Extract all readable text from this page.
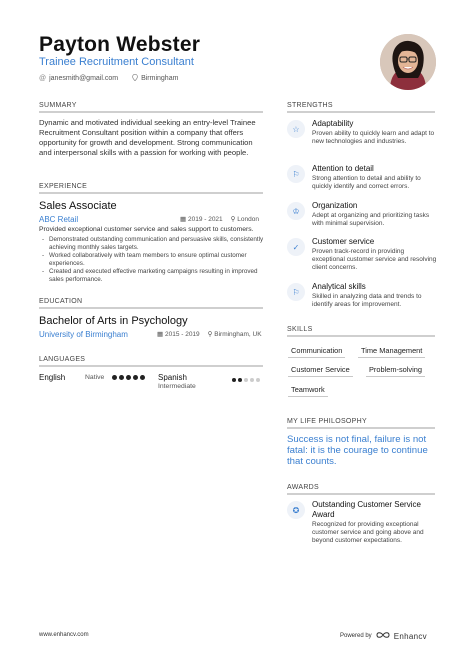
Payton Webster
Trainee Recruitment Consultant
@ janesmith@gmail.com	Birmingham
SUMMARY
Dynamic and motivated individual seeking an entry-level Trainee Recruitment Consultant position within a company that offers opportunity for growth and development. Strong communication and interpersonal skills with a passion for working with people.
EXPERIENCE
Sales Associate
ABC Retail	▦ 2019 - 2021 ⚲ London
Provided exceptional customer service and sales support to customers.
- Demonstrated outstanding communication and persuasive skills, consistently achieving monthly sales targets.
- Worked collaboratively with team members to ensure optimal customer experiences.
- Created and executed effective marketing campaigns resulting in improved sales performance.
EDUCATION
Bachelor of Arts in Psychology
University of Birmingham	▦ 2015 - 2019 ⚲ Birmingham, UK
LANGUAGES
English	Native	Spanish
Intermediate
STRENGTHS
☆
Adaptability
Proven ability to quickly learn and adapt to new technologies and industries.
⚐
Attention to detail
Strong attention to detail and ability to quickly identify and correct errors.
♔
Organization
Adept at organizing and prioritizing tasks with minimal supervision.
✓
Customer service
Proven track-record in providing exceptional customer service and resolving client concerns.
⚐
Analytical skills
Skilled in analyzing data and trends to identify areas for improvement.
SKILLS
Communication	Time Management
Customer Service	Problem-solving
Teamwork
MY LIFE PHILOSOPHY
Success is not final, failure is not fatal: it is the courage to continue that counts.
AWARDS
✪
Outstanding Customer Service Award
Recognized for providing exceptional customer service and going above and beyond customer expectations.
www.enhancv.com	Powered by	Enhancv
